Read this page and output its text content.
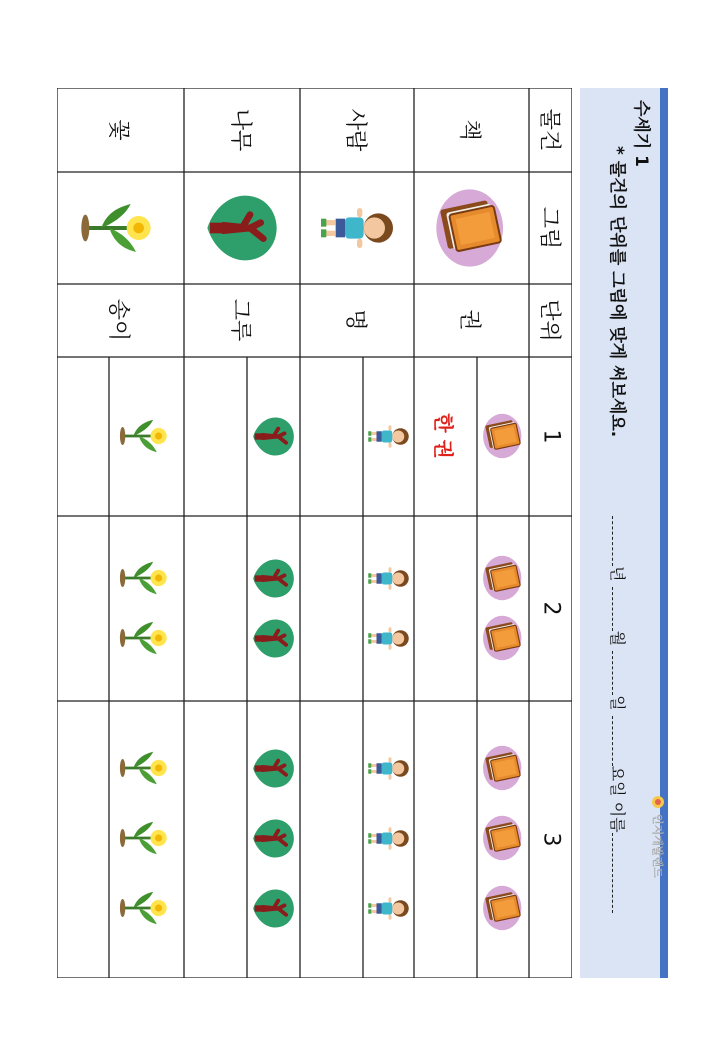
수세기 1
* 물건의 단위를 그림에 맞게 써보세요.
년 월 일 요일 이름 인지개발랜드
물건
그림
단위
1
2
3
책
권
사람
명
나무
그루
꽃
송이
한 권
